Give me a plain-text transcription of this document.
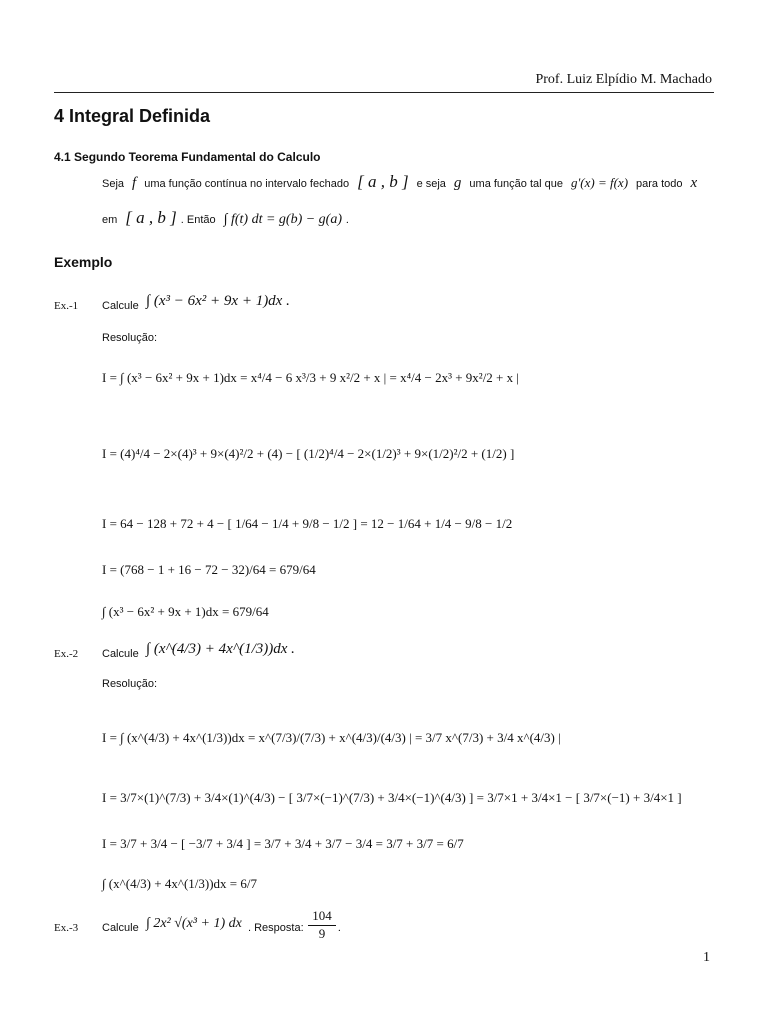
Prof. Luiz Elpídio M. Machado
4 Integral Definida
4.1 Segundo Teorema Fundamental do Calculo
Seja f uma função contínua no intervalo fechado [ a , b ] e seja g uma função tal que g'(x) = f(x) para todo x
em [ a , b ] . Então ∫ f(t) dt = g(b) − g(a) .
Exemplo
Ex.-1 Calcule ∫ (x³ − 6x² + 9x + 1)dx .
Resolução:
I = ∫ (x³ − 6x² + 9x + 1)dx = x⁴/4 − 6 x³/3 + 9 x²/2 + x | = x⁴/4 − 2x³ + 9x²/2 + x |
I = (4)⁴/4 − 2×(4)³ + 9×(4)²/2 + (4) − [ (1/2)⁴/4 − 2×(1/2)³ + 9×(1/2)²/2 + (1/2) ]
I = 64 − 128 + 72 + 4 − [ 1/64 − 1/4 + 9/8 − 1/2 ] = 12 − 1/64 + 1/4 − 9/8 − 1/2
I = (768 − 1 + 16 − 72 − 32)/64 = 679/64
∫ (x³ − 6x² + 9x + 1)dx = 679/64
Ex.-2 Calcule ∫ (x^(4/3) + 4x^(1/3))dx .
Resolução:
I = ∫ (x^(4/3) + 4x^(1/3))dx = x^(7/3)/(7/3) + x^(4/3)/(4/3) | = 3/7 x^(7/3) + 3/4 x^(4/3) |
I = 3/7×(1)^(7/3) + 3/4×(1)^(4/3) − [ 3/7×(−1)^(7/3) + 3/4×(−1)^(4/3) ] = 3/7×1 + 3/4×1 − [ 3/7×(−1) + 3/4×1 ]
I = 3/7 + 3/4 − [ −3/7 + 3/4 ] = 3/7 + 3/4 + 3/7 − 3/4 = 3/7 + 3/7 = 6/7
∫ (x^(4/3) + 4x^(1/3))dx = 6/7
Ex.-3 Calcule ∫ 2x² √(x³ + 1) dx . Resposta: $\frac{104}{9}$ .
1
